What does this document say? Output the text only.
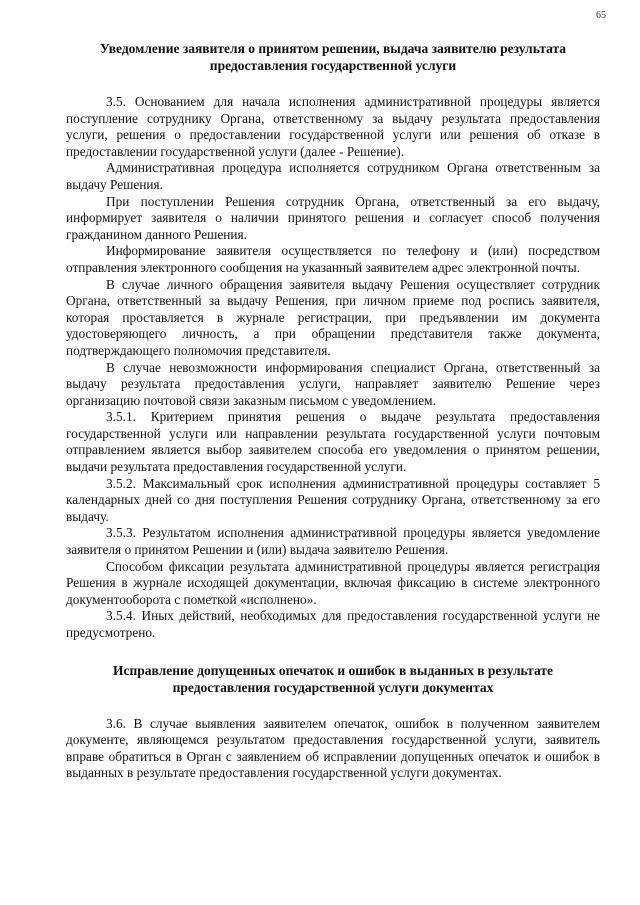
65
Уведомление заявителя о принятом решении, выдача заявителю результата предоставления государственной услуги

3.5. Основанием для начала исполнения административной процедуры является поступление сотруднику Органа, ответственному за выдачу результата предоставления услуги, решения о предоставлении государственной услуги или решения об отказе в предоставлении государственной услуги (далее - Решение).

Административная процедура исполняется сотрудником Органа ответственным за выдачу Решения.

При поступлении Решения сотрудник Органа, ответственный за его выдачу, информирует заявителя о наличии принятого решения и согласует способ получения гражданином данного Решения.

Информирование заявителя осуществляется по телефону и (или) посредством отправления электронного сообщения на указанный заявителем адрес электронной почты.

В случае личного обращения заявителя выдачу Решения осуществляет сотрудник Органа, ответственный за выдачу Решения, при личном приеме под роспись заявителя, которая проставляется в журнале регистрации, при предъявлении им документа удостоверяющего личность, а при обращении представителя также документа, подтверждающего полномочия представителя.

В случае невозможности информирования специалист Органа, ответственный за выдачу результата предоставления услуги, направляет заявителю Решение через организацию почтовой связи заказным письмом с уведомлением.

3.5.1. Критерием принятия решения о выдаче результата предоставления государственной услуги или направлении результата государственной услуги почтовым отправлением является выбор заявителем способа его уведомления о принятом решении, выдачи результата предоставления государственной услуги.

3.5.2. Максимальный срок исполнения административной процедуры составляет 5 календарных дней со дня поступления Решения сотруднику Органа, ответственному за его выдачу.

3.5.3. Результатом исполнения административной процедуры является уведомление заявителя о принятом Решении и (или) выдача заявителю Решения.

Способом фиксации результата административной процедуры является регистрация Решения в журнале исходящей документации, включая фиксацию в системе электронного документооборота с пометкой «исполнено».

3.5.4. Иных действий, необходимых для предоставления государственной услуги не предусмотрено.

Исправление допущенных опечаток и ошибок в выданных в результате предоставления государственной услуги документах

3.6. В случае выявления заявителем опечаток, ошибок в полученном заявителем документе, являющемся результатом предоставления государственной услуги, заявитель вправе обратиться в Орган с заявлением об исправлении допущенных опечаток и ошибок в выданных в результате предоставления государственной услуги документах.
